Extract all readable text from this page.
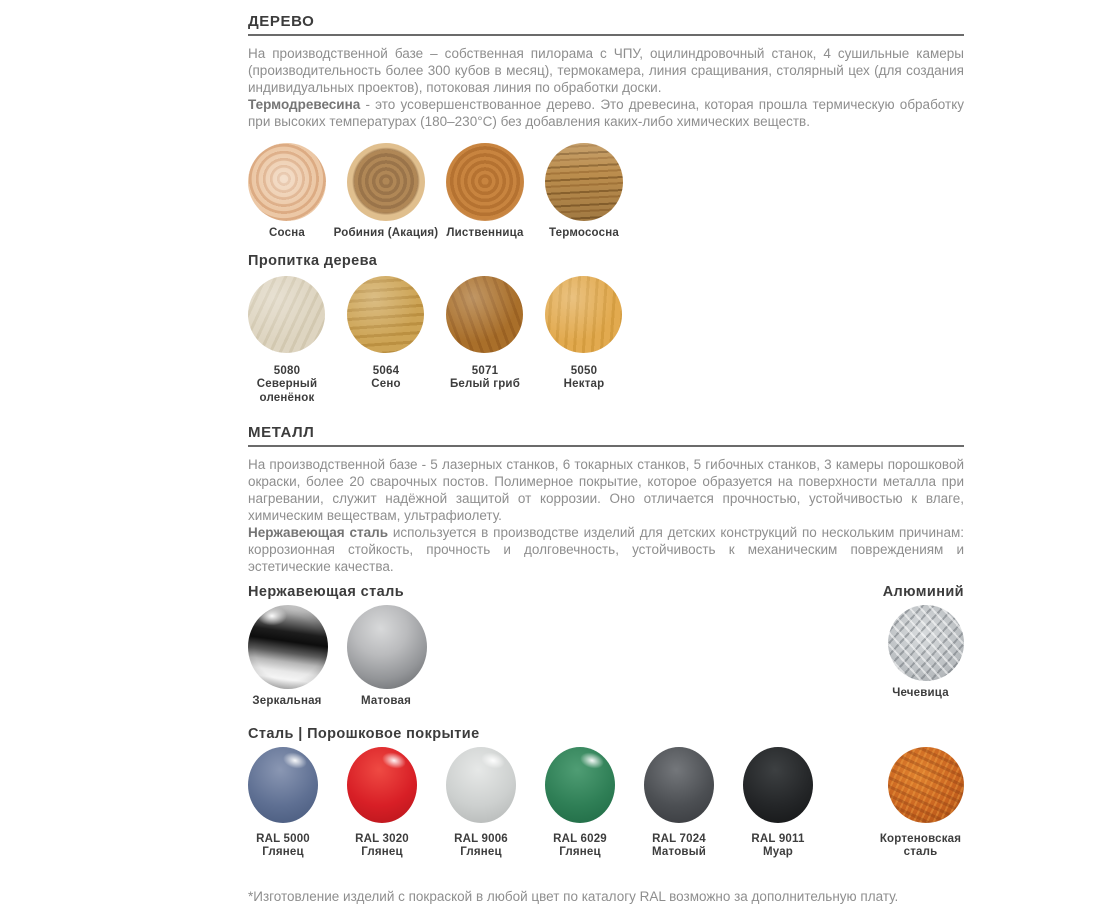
ДЕРЕВО

На производственной базе – собственная пилорама с ЧПУ, оцилиндровочный станок, 4 сушильные камеры (производительность более 300 кубов в месяц), термокамера, линия сращивания, столярный цех (для создания индивидуальных проектов), потоковая линия по обработки доски.

Термодревесина - это усовершенствованное дерево. Это древесина, которая прошла термическую обработку при высоких температурах (180–230°С) без добавления каких-либо химических веществ.

Сосна	Робиния (Акация) Лиственница	Термососна
Пропитка дерева
5080
Северный оленёнок
5064
Сено
5071
Белый гриб
5050
Нектар
МЕТАЛЛ

На производственной базе - 5 лазерных станков, 6 токарных станков, 5 гибочных станков, 3 камеры порошковой окраски, более 20 сварочных постов. Полимерное покрытие, которое образуется на поверхности металла при нагревании, служит надёжной защитой от коррозии. Оно отличается прочностью, устойчивостью к влаге, химическим веществам, ультрафиолету.

Нержавеющая сталь используется в производстве изделий для детских конструкций по нескольким причинам: коррозионная стойкость, прочность и долговечность, устойчивость к механическим повреждениям и эстетические качества.

Нержавеющая сталь	Алюминий
Зеркальная	Матовая
Чечевица
Сталь | Порошковое покрытие
RAL 5000
Глянец
RAL 3020
Глянец
RAL 9006
Глянец
RAL 6029
Глянец
RAL 7024
Матовый
RAL 9011
Муар
Кортеновская сталь

*Изготовление изделий с покраской в любой цвет по каталогу RAL возможно за дополнительную плату.
